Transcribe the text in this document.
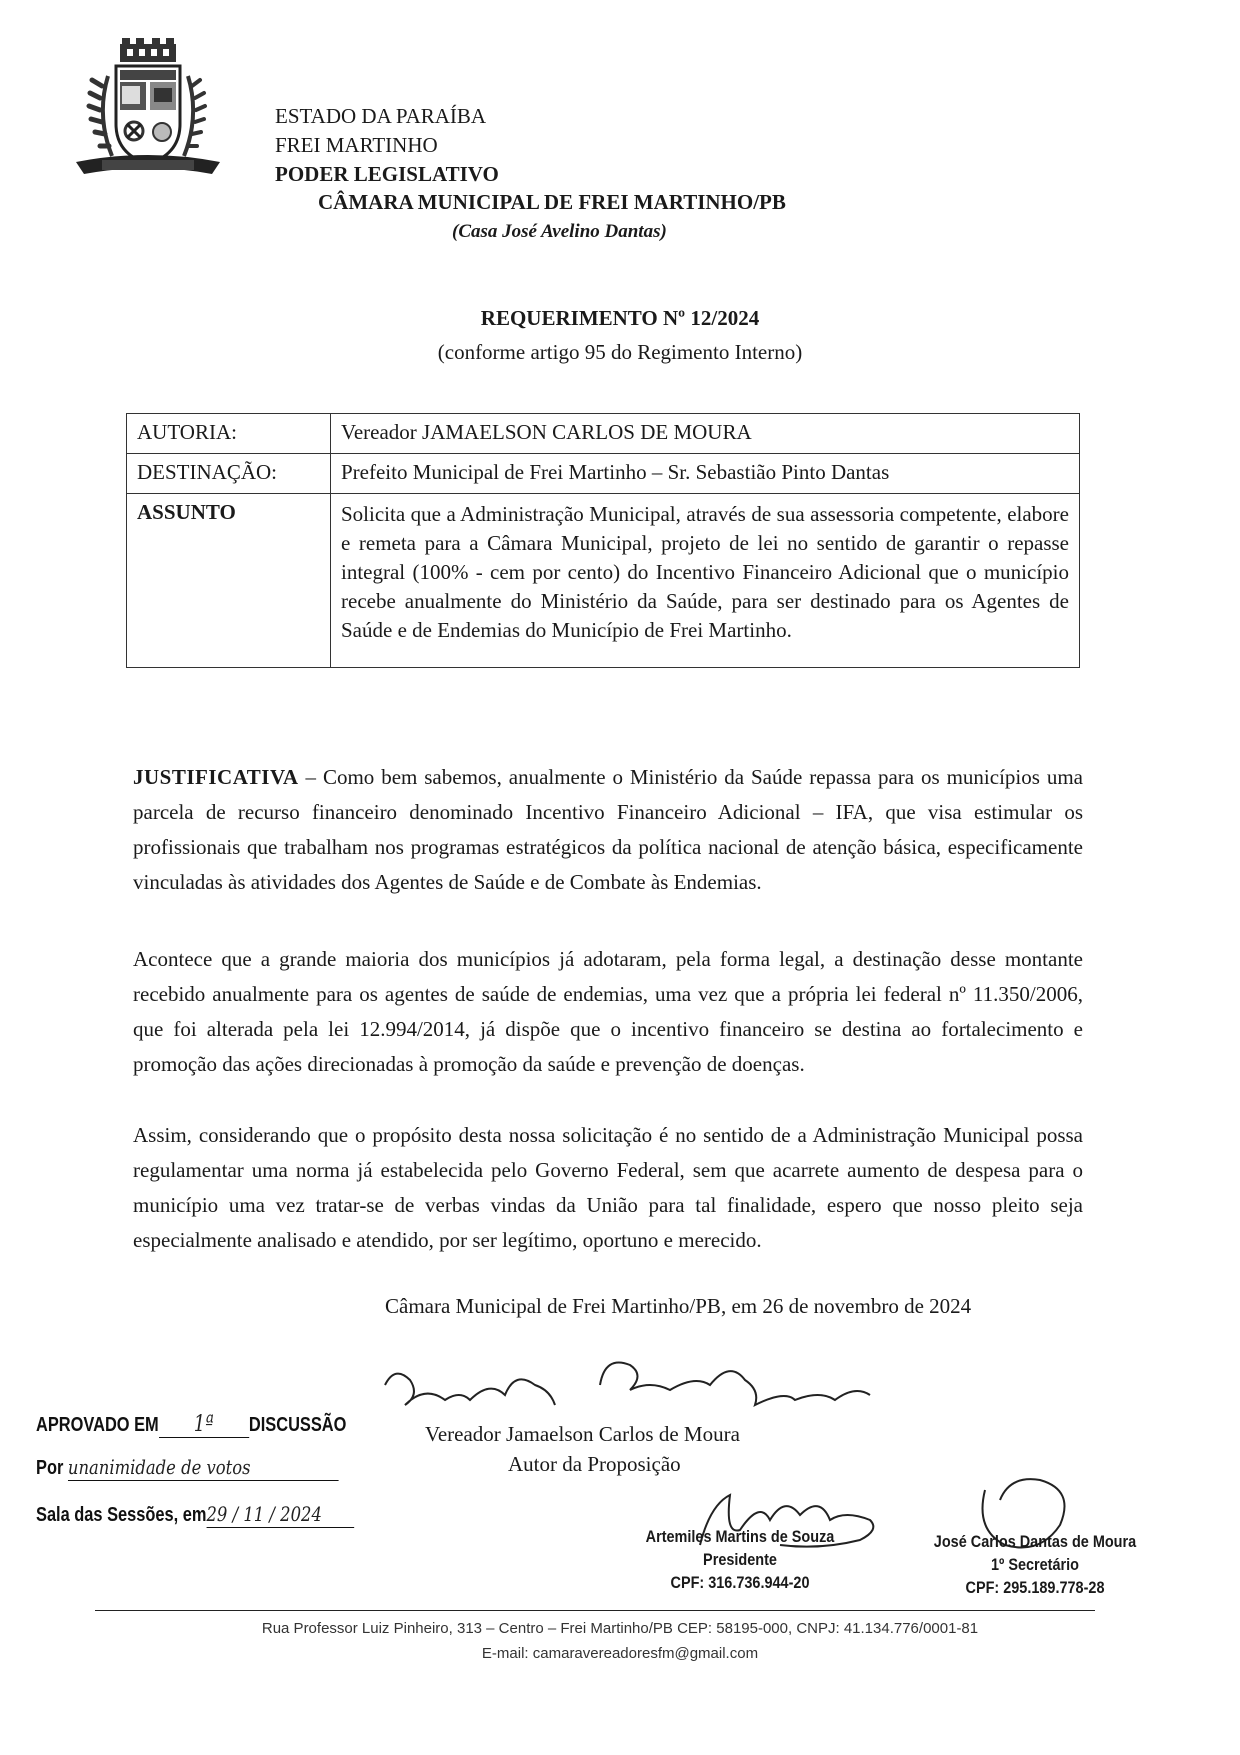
ESTADO DA PARAÍBA
FREI MARTINHO
PODER LEGISLATIVO
CÂMARA MUNICIPAL DE FREI MARTINHO/PB
(Casa José Avelino Dantas)
REQUERIMENTO Nº 12/2024
(conforme artigo 95 do Regimento Interno)
AUTORIA:	Vereador JAMAELSON CARLOS DE MOURA
DESTINAÇÃO:	Prefeito Municipal de Frei Martinho – Sr. Sebastião Pinto Dantas
ASSUNTO	Solicita que a Administração Municipal, através de sua assessoria competente, elabore e remeta para a Câmara Municipal, projeto de lei no sentido de garantir o repasse integral (100% - cem por cento) do Incentivo Financeiro Adicional que o município recebe anualmente do Ministério da Saúde, para ser destinado para os Agentes de Saúde e de Endemias do Município de Frei Martinho.
JUSTIFICATIVA – Como bem sabemos, anualmente o Ministério da Saúde repassa para os municípios uma parcela de recurso financeiro denominado Incentivo Financeiro Adicional – IFA, que visa estimular os profissionais que trabalham nos programas estratégicos da política nacional de atenção básica, especificamente vinculadas às atividades dos Agentes de Saúde e de Combate às Endemias.
Acontece que a grande maioria dos municípios já adotaram, pela forma legal, a destinação desse montante recebido anualmente para os agentes de saúde de endemias, uma vez que a própria lei federal nº 11.350/2006, que foi alterada pela lei 12.994/2014, já dispõe que o incentivo financeiro se destina ao fortalecimento e promoção das ações direcionadas à promoção da saúde e prevenção de doenças.
Assim, considerando que o propósito desta nossa solicitação é no sentido de a Administração Municipal possa regulamentar uma norma já estabelecida pelo Governo Federal, sem que acarrete aumento de despesa para o município uma vez tratar-se de verbas vindas da União para tal finalidade, espero que nosso pleito seja especialmente analisado e atendido, por ser legítimo, oportuno e merecido.
Câmara Municipal de Frei Martinho/PB, em 26 de novembro de 2024
APROVADO EM 1ª DISCUSSÃO
Por unanimidade de votos
Sala das Sessões, em29 / 11 / 2024
Vereador Jamaelson Carlos de Moura
Autor da Proposição
Artemiles Martins de Souza
Presidente
CPF: 316.736.944-20
José Carlos Dantas de Moura
1º Secretário
CPF: 295.189.778-28
Rua Professor Luiz Pinheiro, 313 – Centro – Frei Martinho/PB CEP: 58195-000, CNPJ: 41.134.776/0001-81
E-mail: camaravereadoresfm@gmail.com
